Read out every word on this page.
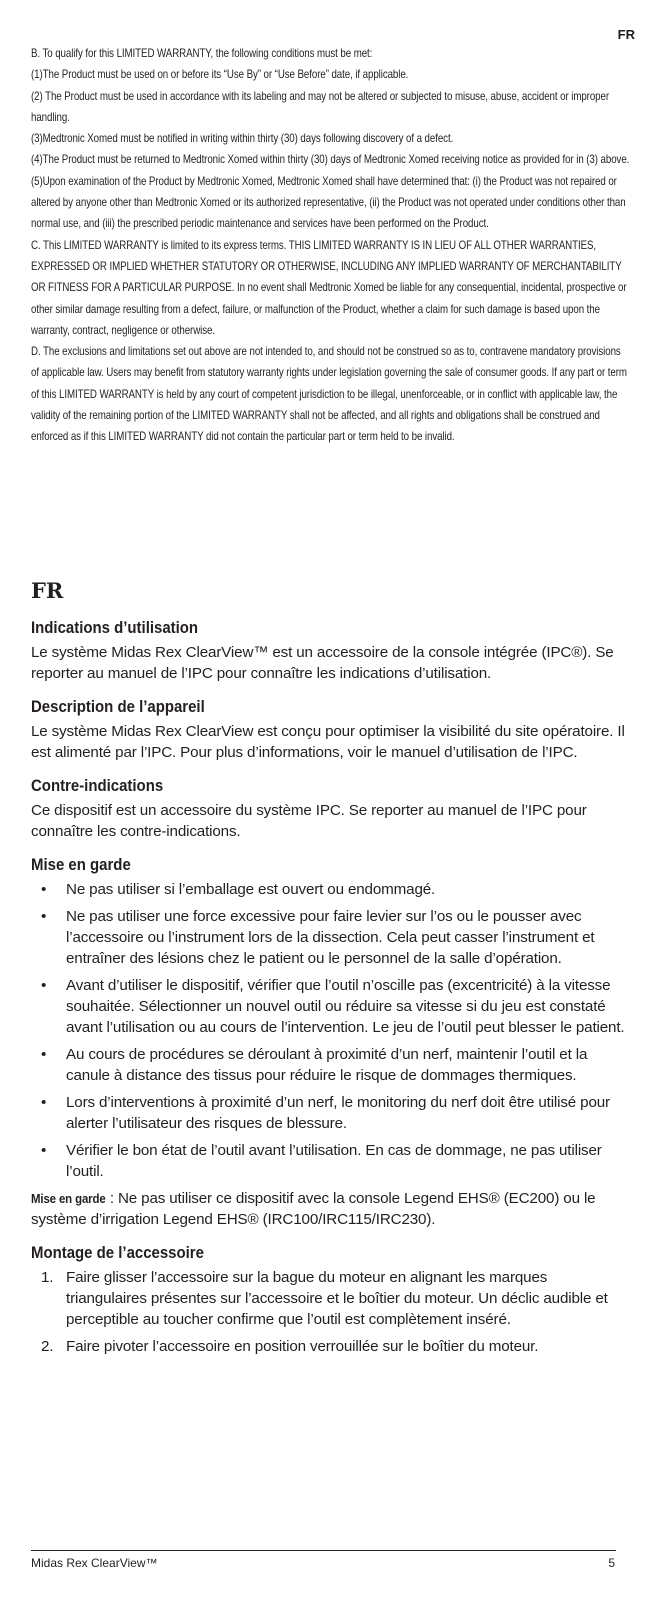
FR

B. To qualify for this LIMITED WARRANTY, the following conditions must be met:

(1)The Product must be used on or before its “Use By” or “Use Before” date, if applicable.

(2) The Product must be used in accordance with its labeling and may not be altered or subjected to misuse, abuse, accident or improper handling.

(3)Medtronic Xomed must be notified in writing within thirty (30) days following discovery of a defect.

(4)The Product must be returned to Medtronic Xomed within thirty (30) days of Medtronic Xomed receiving notice as provided for in (3) above.

(5)Upon examination of the Product by Medtronic Xomed, Medtronic Xomed shall have determined that: (i) the Product was not repaired or altered by anyone other than Medtronic Xomed or its authorized representative, (ii) the Product was not operated under conditions other than normal use, and (iii) the prescribed periodic maintenance and services have been performed on the Product.

C. This LIMITED WARRANTY is limited to its express terms. THIS LIMITED WARRANTY IS IN LIEU OF ALL OTHER WARRANTIES, EXPRESSED OR IMPLIED WHETHER STATUTORY OR OTHERWISE, INCLUDING ANY IMPLIED WARRANTY OF MERCHANTABILITY OR FITNESS FOR A PARTICULAR PURPOSE. In no event shall Medtronic Xomed be liable for any consequential, incidental, prospective or other similar damage resulting from a defect, failure, or malfunction of the Product, whether a claim for such damage is based upon the warranty, contract, negligence or otherwise.

D. The exclusions and limitations set out above are not intended to, and should not be construed so as to, contravene mandatory provisions of applicable law. Users may benefit from statutory warranty rights under legislation governing the sale of consumer goods. If any part or term of this LIMITED WARRANTY is held by any court of competent jurisdiction to be illegal, unenforceable, or in conflict with applicable law, the validity of the remaining portion of the LIMITED WARRANTY shall not be affected, and all rights and obligations shall be construed and enforced as if this LIMITED WARRANTY did not contain the particular part or term held to be invalid.

FR
Indications d’utilisation

Le système Midas Rex ClearView™ est un accessoire de la console intégrée (IPC®). Se reporter au manuel de l’IPC pour connaître les indications d’utilisation.

Description de l’appareil

Le système Midas Rex ClearView est conçu pour optimiser la visibilité du site opératoire. Il est alimenté par l’IPC. Pour plus d’informations, voir le manuel d’utilisation de l’IPC.

Contre-indications

Ce dispositif est un accessoire du système IPC. Se reporter au manuel de l’IPC pour connaître les contre-indications.

Mise en garde
• Ne pas utiliser si l’emballage est ouvert ou endommagé.
• Ne pas utiliser une force excessive pour faire levier sur l’os ou le pousser avec l’accessoire ou l’instrument lors de la dissection. Cela peut casser l’instrument et entraîner des lésions chez le patient ou le personnel de la salle d’opération.
• Avant d’utiliser le dispositif, vérifier que l’outil n’oscille pas (excentricité) à la vitesse souhaitée. Sélectionner un nouvel outil ou réduire sa vitesse si du jeu est constaté avant l’utilisation ou au cours de l’intervention. Le jeu de l’outil peut blesser le patient.
• Au cours de procédures se déroulant à proximité d’un nerf, maintenir l’outil et la canule à distance des tissus pour réduire le risque de dommages thermiques.
• Lors d’interventions à proximité d’un nerf, le monitoring du nerf doit être utilisé pour alerter l’utilisateur des risques de blessure.
• Vérifier le bon état de l’outil avant l’utilisation. En cas de dommage, ne pas utiliser l’outil.

Mise en garde : Ne pas utiliser ce dispositif avec la console Legend EHS® (EC200) ou le système d’irrigation Legend EHS® (IRC100/IRC115/IRC230).

Montage de l’accessoire
1. Faire glisser l’accessoire sur la bague du moteur en alignant les marques triangulaires présentes sur l’accessoire et le boîtier du moteur. Un déclic audible et perceptible au toucher confirme que l’outil est complètement inséré.
2. Faire pivoter l’accessoire en position verrouillée sur le boîtier du moteur.
Midas Rex ClearView™	5
